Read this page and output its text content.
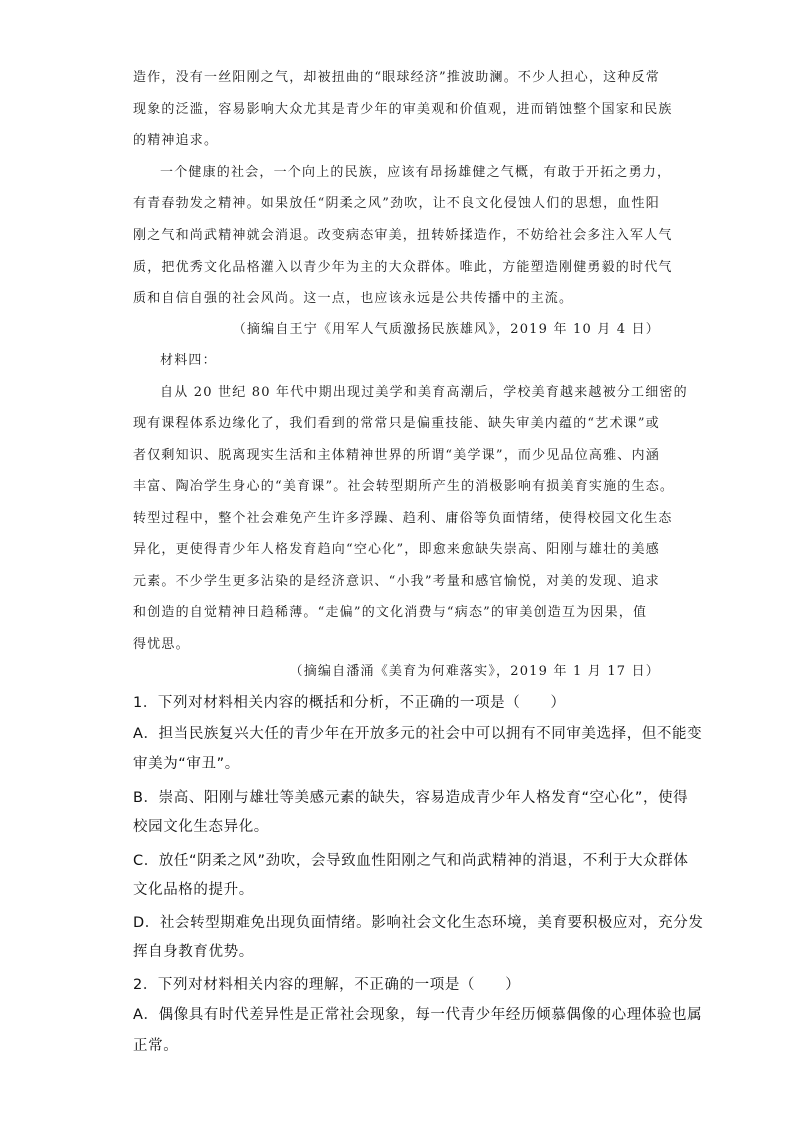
造作，没有一丝阳刚之气，却被扭曲的“眼球经济”推波助澜。不少人担心，这种反常
现象的泛滥，容易影响大众尤其是青少年的审美观和价值观，进而销蚀整个国家和民族
的精神追求。
一个健康的社会，一个向上的民族，应该有昂扬雄健之气概，有敢于开拓之勇力，
有青春勃发之精神。如果放任“阴柔之风”劲吹，让不良文化侵蚀人们的思想，血性阳
刚之气和尚武精神就会消退。改变病态审美，扭转娇揉造作，不妨给社会多注入军人气
质，把优秀文化品格灌入以青少年为主的大众群体。唯此，方能塑造刚健勇毅的时代气
质和自信自强的社会风尚。这一点，也应该永远是公共传播中的主流。
（摘编自王宁《用军人气质激扬民族雄风》，2019 年 10 月 4 日）
材料四：
自从 20 世纪 80 年代中期出现过美学和美育高潮后，学校美育越来越被分工细密的
现有课程体系边缘化了，我们看到的常常只是偏重技能、缺失审美内蕴的“艺术课”或
者仅剩知识、脱离现实生活和主体精神世界的所谓“美学课”，而少见品位高雅、内涵
丰富、陶冶学生身心的“美育课”。社会转型期所产生的消极影响有损美育实施的生态。
转型过程中，整个社会难免产生许多浮躁、趋利、庸俗等负面情绪，使得校园文化生态
异化，更使得青少年人格发育趋向“空心化”，即愈来愈缺失崇高、阳刚与雄壮的美感
元素。不少学生更多沾染的是经济意识、“小我”考量和感官愉悦，对美的发现、追求
和创造的自觉精神日趋稀薄。“走偏”的文化消费与“病态”的审美创造互为因果，值
得忧思。
（摘编自潘涌《美育为何难落实》，2019 年 1 月 17 日）
1．下列对材料相关内容的概括和分析，不正确的一项是（　　）
A．担当民族复兴大任的青少年在开放多元的社会中可以拥有不同审美选择，但不能变
审美为“审丑”。
B．崇高、阳刚与雄壮等美感元素的缺失，容易造成青少年人格发育“空心化”，使得
校园文化生态异化。
C．放任“阴柔之风”劲吹，会导致血性阳刚之气和尚武精神的消退，不利于大众群体
文化品格的提升。
D．社会转型期难免出现负面情绪。影响社会文化生态环境，美育要积极应对，充分发
挥自身教育优势。
2．下列对材料相关内容的理解，不正确的一项是（　　）
A．偶像具有时代差异性是正常社会现象，每一代青少年经历倾慕偶像的心理体验也属
正常。
